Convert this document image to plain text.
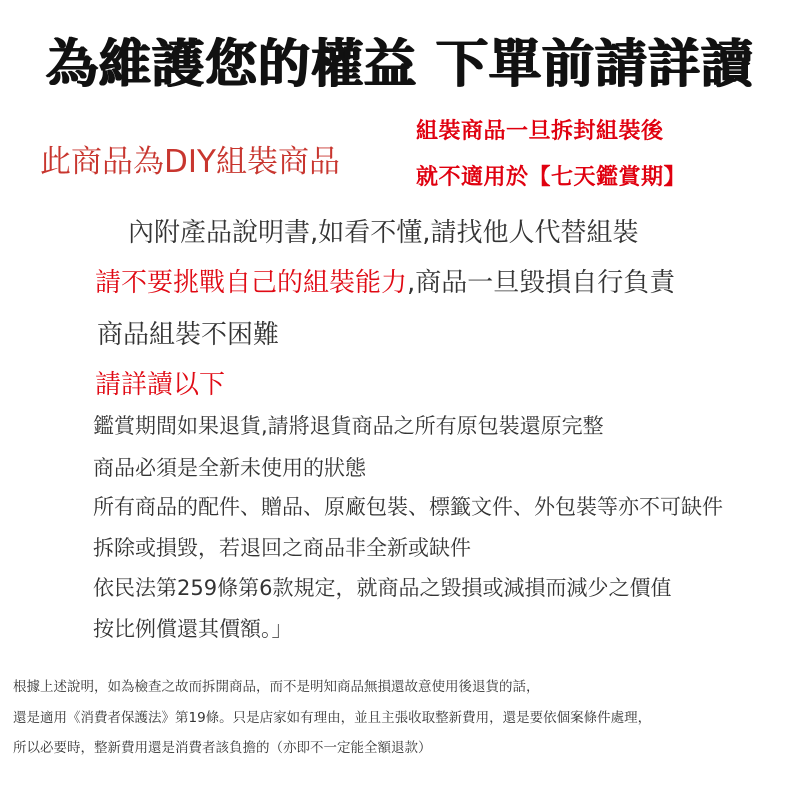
為維護您的權益 下單前請詳讀
此商品為DIY組裝商品
組裝商品一旦拆封組裝後
就不適用於【七天鑑賞期】
內附產品說明書,如看不懂,請找他人代替組裝
請不要挑戰自己的組裝能力,商品一旦毀損自行負責
商品組裝不困難
請詳讀以下
鑑賞期間如果退貨,請將退貨商品之所有原包裝還原完整
商品必須是全新未使用的狀態
所有商品的配件、贈品、原廠包裝、標籤文件、外包裝等亦不可缺件
拆除或損毀，若退回之商品非全新或缺件
依民法第259條第6款規定，就商品之毀損或減損而減少之價值
按比例償還其價額。」
根據上述說明，如為檢查之故而拆開商品，而不是明知商品無損還故意使用後退貨的話，
還是適用《消費者保護法》第19條。只是店家如有理由，並且主張收取整新費用，還是要依個案條件處理，
所以必要時，整新費用還是消費者該負擔的（亦即不一定能全額退款）
